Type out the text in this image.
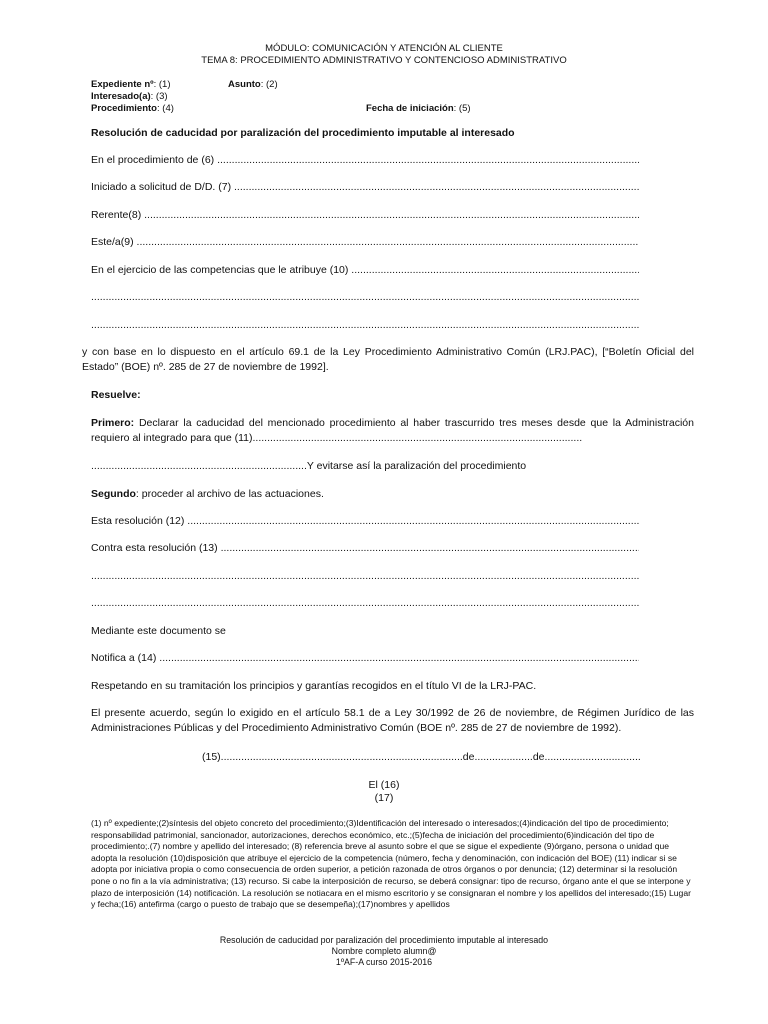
MÓDULO: COMUNICACIÓN Y ATENCIÓN AL CLIENTE
TEMA 8: PROCEDIMIENTO ADMINISTRATIVO Y CONTENCIOSO ADMINISTRATIVO
Expediente nº: (1)	Asunto: (2)
Interesado(a): (3)
Procedimiento: (4)	Fecha de iniciación: (5)
Resolución de caducidad por paralización del procedimiento imputable al interesado
En el procedimiento de (6) .....
Iniciado a solicitud de D/D. (7) .....
Rerente(8) .....
Este/a(9) .....
En el ejercicio de las competencias que le atribuye (10) .....
.....
.....
y con base en lo dispuesto en el artículo 69.1 de la Ley Procedimiento Administrativo Común (LRJ.PAC), [“Boletín Oficial del Estado” (BOE) nº. 285 de 27 de noviembre de 1992].
Resuelve:
Primero: Declarar la caducidad del mencionado procedimiento al haber trascurrido tres meses desde que la Administración requiero al integrado para que (11).................................................................................................................
..........................................................................Y evitarse así la paralización del procedimiento
Segundo: proceder al archivo de las actuaciones.
Esta resolución (12) .....
Contra esta resolución (13) .....
.....
.....
Mediante este documento se
Notifica a (14) .....
Respetando en su tramitación los principios y garantías recogidos en el título VI de la LRJ-PAC.
El presente acuerdo, según lo exigido en el artículo 58.1 de a Ley 30/1992 de 26 de noviembre, de Régimen Jurídico de las Administraciones Públicas y del Procedimiento Administrativo Común (BOE nº. 285 de 27 de noviembre de 1992).
(15)...................................................................................de....................de.................................
El (16)
(17)
(1) nº expediente;(2)síntesis del objeto concreto del procedimiento;(3)Identificación del interesado o interesados;(4)indicación del tipo de procedimiento; responsabilidad patrimonial, sancionador, autorizaciones, derechos económico, etc.;(5)fecha de iniciación del procedimiento(6)indicación del tipo de procedimiento;.(7) nombre y apellido del interesado; (8) referencia breve al asunto sobre el que se sigue el expediente (9)órgano, persona o unidad que adopta la resolución (10)disposición que atribuye el ejercicio de la competencia (número, fecha y denominación, con indicación del BOE) (11) indicar si se adopta por iniciativa propia o como consecuencia de orden superior, a petición razonada de otros órganos o por denuncia; (12) determinar si la resolución pone o no fin a la vía administrativa; (13) recurso. Si cabe la interposición de recurso, se deberá consignar: tipo de recurso, órgano ante el que se interpone y plazo de interposición (14) notificación. La resolución se notiacara en el mismo escritorio y se consignaran el nombre y los apellidos del interesado;(15) Lugar y fecha;(16) antefirma (cargo o puesto de trabajo que se desempeña);(17)nombres y apellidos
Resolución de caducidad por paralización del procedimiento imputable al interesado
Nombre completo alumn@
1ºAF-A curso 2015-2016
